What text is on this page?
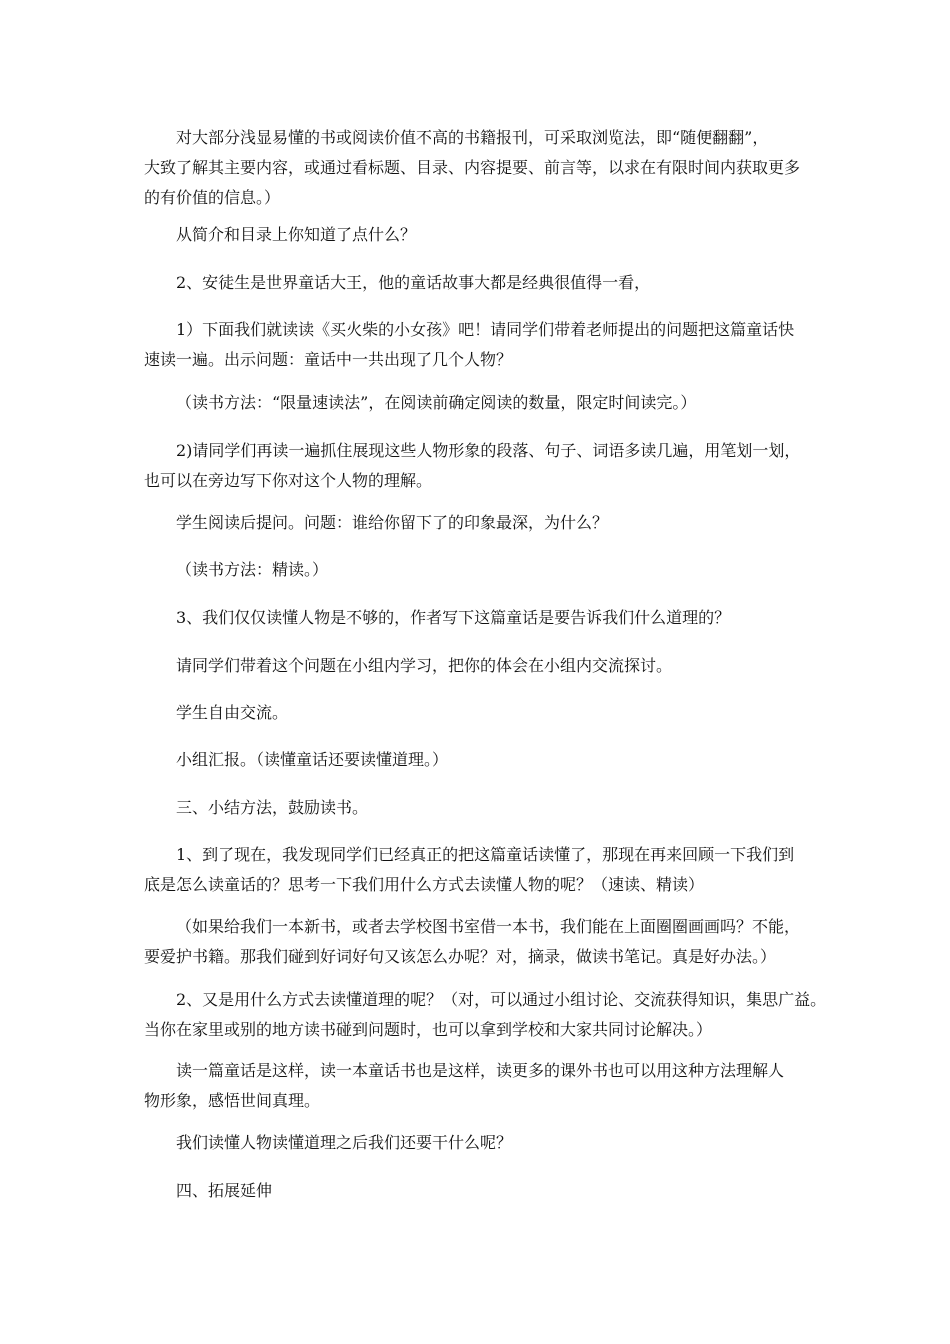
对大部分浅显易懂的书或阅读价值不高的书籍报刊，可采取浏览法，即“随便翻翻”，
大致了解其主要内容，或通过看标题、目录、内容提要、前言等，以求在有限时间内获取更多
的有价值的信息。）

从简介和目录上你知道了点什么？

2、安徒生是世界童话大王，他的童话故事大都是经典很值得一看，

1）下面我们就读读《买火柴的小女孩》吧！请同学们带着老师提出的问题把这篇童话快
速读一遍。出示问题：童话中一共出现了几个人物？

（读书方法：“限量速读法”，在阅读前确定阅读的数量，限定时间读完。）

2)请同学们再读一遍抓住展现这些人物形象的段落、句子、词语多读几遍，用笔划一划，
也可以在旁边写下你对这个人物的理解。

学生阅读后提问。问题：谁给你留下了的印象最深，为什么？

（读书方法：精读。）

3、我们仅仅读懂人物是不够的，作者写下这篇童话是要告诉我们什么道理的？

请同学们带着这个问题在小组内学习，把你的体会在小组内交流探讨。

学生自由交流。

小组汇报。（读懂童话还要读懂道理。）

三、小结方法，鼓励读书。

1、到了现在，我发现同学们已经真正的把这篇童话读懂了，那现在再来回顾一下我们到
底是怎么读童话的？思考一下我们用什么方式去读懂人物的呢？（速读、精读）

（如果给我们一本新书，或者去学校图书室借一本书，我们能在上面圈圈画画吗？不能，
要爱护书籍。那我们碰到好词好句又该怎么办呢？对，摘录，做读书笔记。真是好办法。）

2、又是用什么方式去读懂道理的呢？（对，可以通过小组讨论、交流获得知识，集思广益。
当你在家里或别的地方读书碰到问题时，也可以拿到学校和大家共同讨论解决。）

读一篇童话是这样，读一本童话书也是这样，读更多的课外书也可以用这种方法理解人
物形象，感悟世间真理。

我们读懂人物读懂道理之后我们还要干什么呢？

四、拓展延伸
